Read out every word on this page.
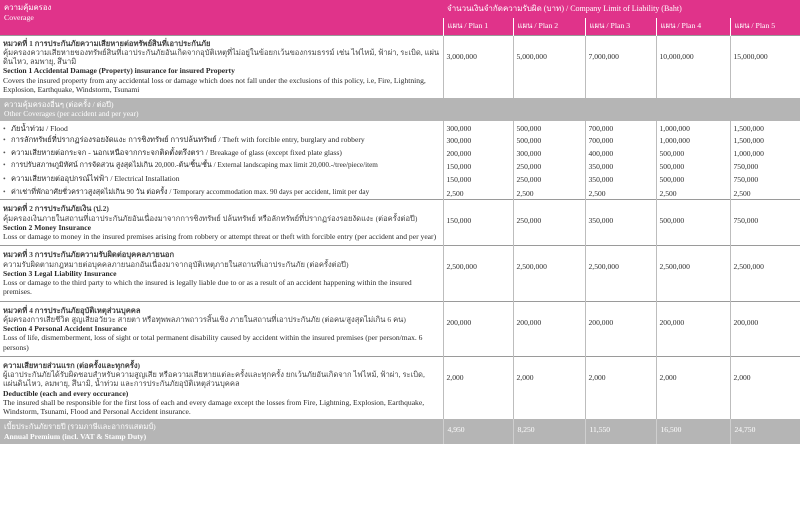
ความคุ้มครอง
Coverage	จำนวนเงินจำกัดความรับผิด (บาท) / Company Limit of Liability (Baht)				
	แผน / Plan 1	แผน / Plan 2	แผน / Plan 3	แผน / Plan 4	แผน / Plan 5

หมวดที่ 1 การประกันภัยความเสียหายต่อทรัพย์สินที่เอาประกันภัย
คุ้มครองความเสียหายของทรัพย์สินที่เอาประกันภัยอันเกิดจากอุบัติเหตุที่ไม่อยู่ในข้อยกเว้นของกรมธรรม์ เช่น ไฟไหม้, ฟ้าผ่า, ระเบิด, แผ่นดินไหว, ลมพายุ, สึนามิ
Section 1 Accidental Damage (Property) insurance for insured Property
Covers the insured property from any accidental loss or damage which does not fall under the exclusions of this policy, i.e, Fire, Lightning, Explosion, Earthquake, Windstorm, Tsunami	3,000,000	5,000,000	7,000,000	10,000,000	15,000,000

ความคุ้มครองอื่นๆ (ต่อครั้ง / ต่อปี)
Other Coverages (per accident and per year)					

• ภัยน้ำท่วม / Flood	300,000	500,000	700,000	1,000,000	1,500,000
• การลักทรัพย์ที่ปรากฏร่องรอยงัดแงะ การชิงทรัพย์ การปล้นทรัพย์ / Theft with forcible entry, burglary and robbery	300,000	500,000	700,000	1,000,000	1,500,000
• ความเสียหายต่อกระจก - นอกเหนือจากกระจกติดตั้งตรึงตรา / Breakage of glass (except fixed plate glass)	200,000	300,000	400,000	500,000	1,000,000
• การปรับสภาพภูมิทัศน์ การจัดสวน สูงสุดไม่เกิน 20,000.-ต้น/ชิ้น/ชั้น / External landscaping max limit 20,000.-/tree/piece/item	150,000	250,000	350,000	500,000	750,000
• ความเสียหายต่ออุปกรณ์ไฟฟ้า / Electrical Installation	150,000	250,000	350,000	500,000	750,000
• ค่าเช่าที่พักอาศัยชั่วคราวสูงสุดไม่เกิน 90 วัน ต่อครั้ง / Temporary accommodation max. 90 days per accident, limit per day	2,500	2,500	2,500	2,500	2,500

หมวดที่ 2 การประกันภัยเงิน (ป.2)
คุ้มครองเงินภายในสถานที่เอาประกันภัยอันเนื่องมาจากการชิงทรัพย์ ปล้นทรัพย์ หรือลักทรัพย์ที่ปรากฏร่องรอยงัดแงะ (ต่อครั้งต่อปี)
Section 2 Money Insurance
Loss or damage to money in the insured premises arising from robbery or attempt threat or theft with forcible entry (per accident and per year)	150,000	250,000	350,000	500,000	750,000

หมวดที่ 3 การประกันภัยความรับผิดต่อบุคคลภายนอก
ความรับผิดตามกฎหมายต่อบุคคลภายนอกอันเนื่องมาจากอุบัติเหตุภายในสถานที่เอาประกันภัย (ต่อครั้งต่อปี)
Section 3 Legal Liability Insurance
Loss or damage to the third party to which the insured is legally liable due to or as a result of an accident happening within the insured premises.	2,500,000	2,500,000	2,500,000	2,500,000	2,500,000

หมวดที่ 4 การประกันภัยอุบัติเหตุส่วนบุคคล
คุ้มครองการเสียชีวิต สูญเสียอวัยวะ สายตา หรือทุพพลภาพถาวรสิ้นเชิง ภายในสถานที่เอาประกันภัย (ต่อคน/สูงสุดไม่เกิน 6 คน)
Section 4 Personal Accident Insurance
Loss of life, dismemberment, loss of sight or total permanent disability caused by accident within the insured premises (per person/max. 6 persons)	200,000	200,000	200,000	200,000	200,000

ความเสียหายส่วนแรก (ต่อครั้งและทุกครั้ง)
ผู้เอาประกันภัยได้รับผิดชอบสำหรับความสูญเสีย หรือความเสียหายแต่ละครั้งและทุกครั้ง ยกเว้นภัยอันเกิดจาก ไฟไหม้, ฟ้าผ่า, ระเบิด, แผ่นดินไหว, ลมพายุ, สึนามิ, น้ำท่วม และการประกันภัยอุบัติเหตุส่วนบุคคล
Deductible (each and every occurance)
The insured shall be responsible for the first loss of each and every damage except the losses from Fire, Lightning, Explosion, Earthquake, Windstorm, Tsunami, Flood and Personal Accident insurance.	2,000	2,000	2,000	2,000	2,000

เบี้ยประกันภัยรายปี (รวมภาษีและอากรแสตมป์)
Annual Premium (incl. VAT & Stamp Duty)	4,950	8,250	11,550	16,500	24,750
